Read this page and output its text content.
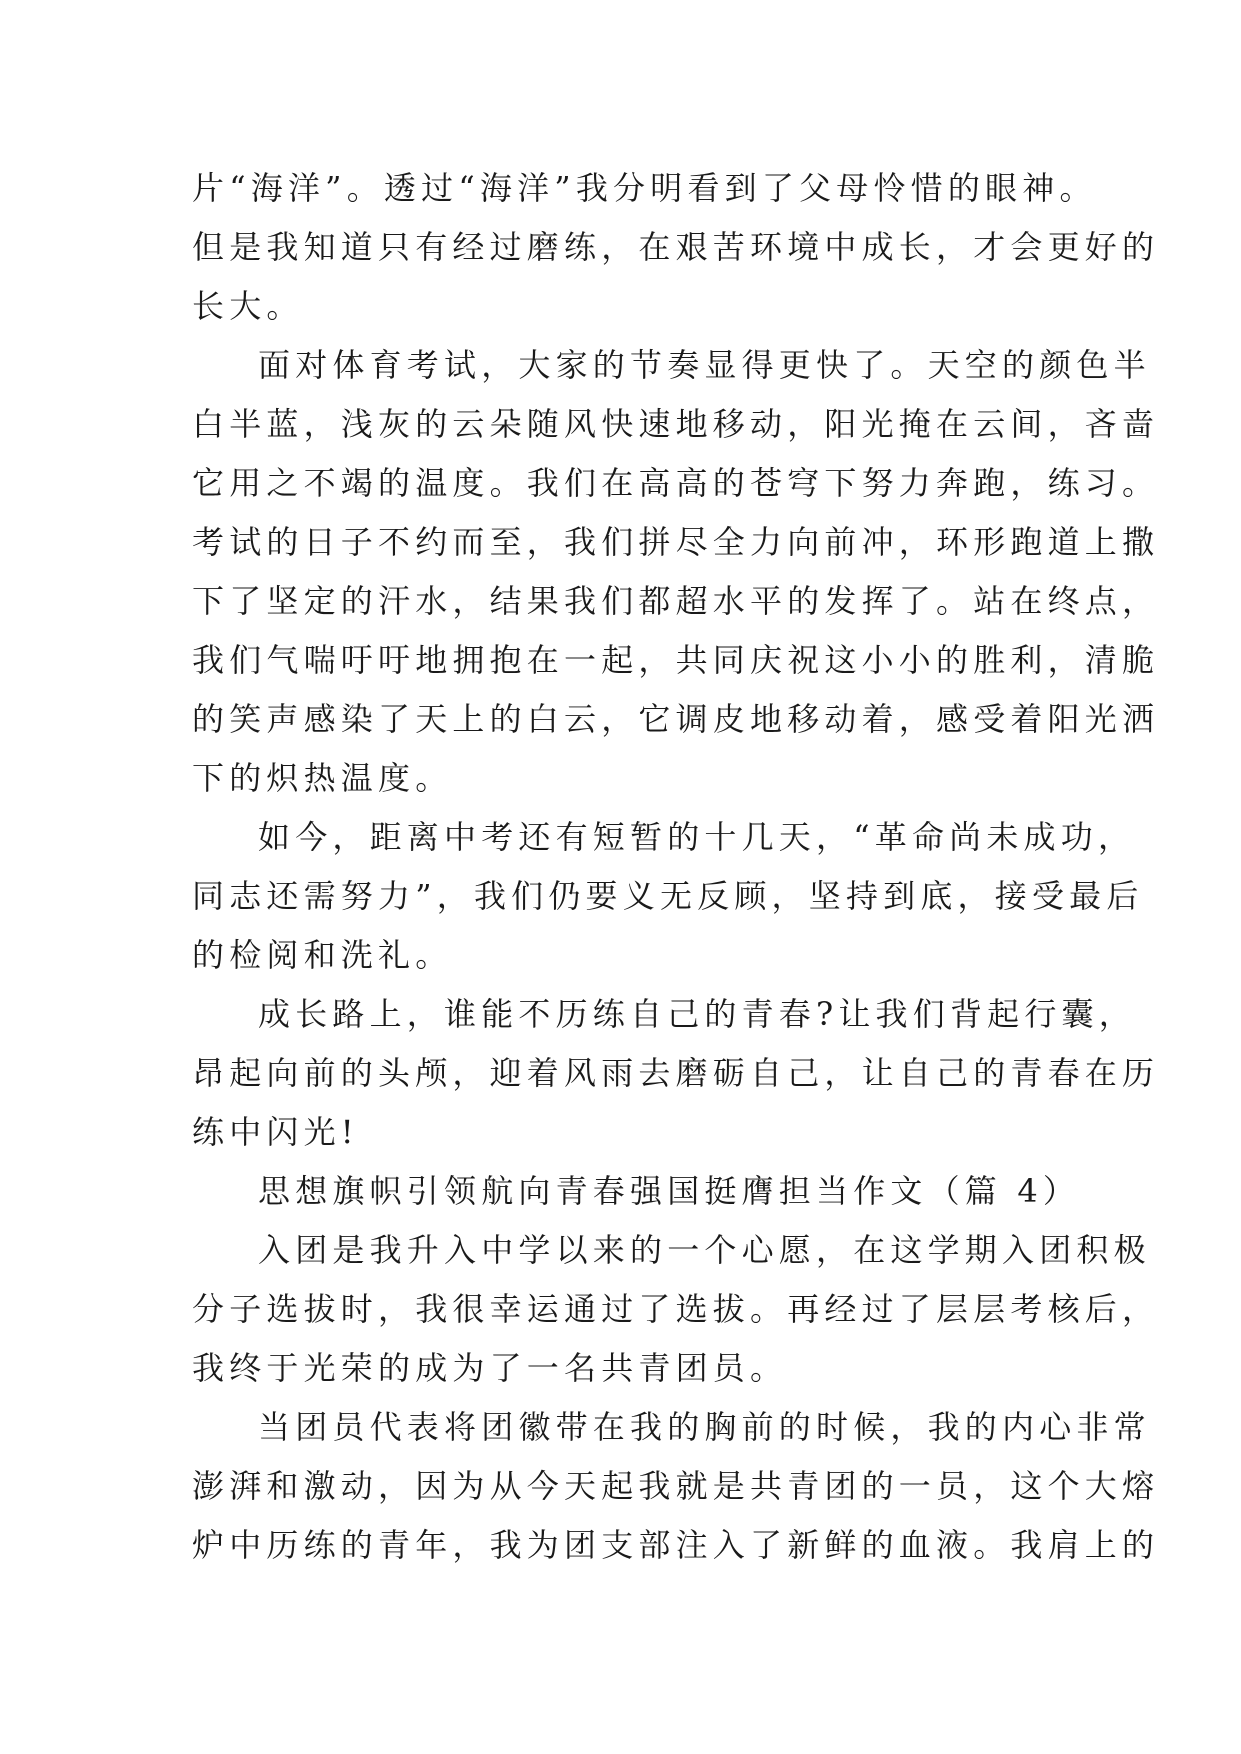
片“海洋”。透过“海洋”我分明看到了父母怜惜的眼神。
但是我知道只有经过磨练，在艰苦环境中成长，才会更好的
长大。
面对体育考试，大家的节奏显得更快了。天空的颜色半
白半蓝，浅灰的云朵随风快速地移动，阳光掩在云间，吝啬
它用之不竭的温度。我们在高高的苍穹下努力奔跑，练习。
考试的日子不约而至，我们拼尽全力向前冲，环形跑道上撒
下了坚定的汗水，结果我们都超水平的发挥了。站在终点，
我们气喘吁吁地拥抱在一起，共同庆祝这小小的胜利，清脆
的笑声感染了天上的白云，它调皮地移动着，感受着阳光洒
下的炽热温度。
如今，距离中考还有短暂的十几天，“革命尚未成功，
同志还需努力”，我们仍要义无反顾，坚持到底，接受最后
的检阅和洗礼。
成长路上，谁能不历练自己的青春?让我们背起行囊，
昂起向前的头颅，迎着风雨去磨砺自己，让自己的青春在历
练中闪光!
思想旗帜引领航向青春强国挺膺担当作文（篇 4）
入团是我升入中学以来的一个心愿，在这学期入团积极
分子选拔时，我很幸运通过了选拔。再经过了层层考核后，
我终于光荣的成为了一名共青团员。
当团员代表将团徽带在我的胸前的时候，我的内心非常
澎湃和激动，因为从今天起我就是共青团的一员，这个大熔
炉中历练的青年，我为团支部注入了新鲜的血液。我肩上的
